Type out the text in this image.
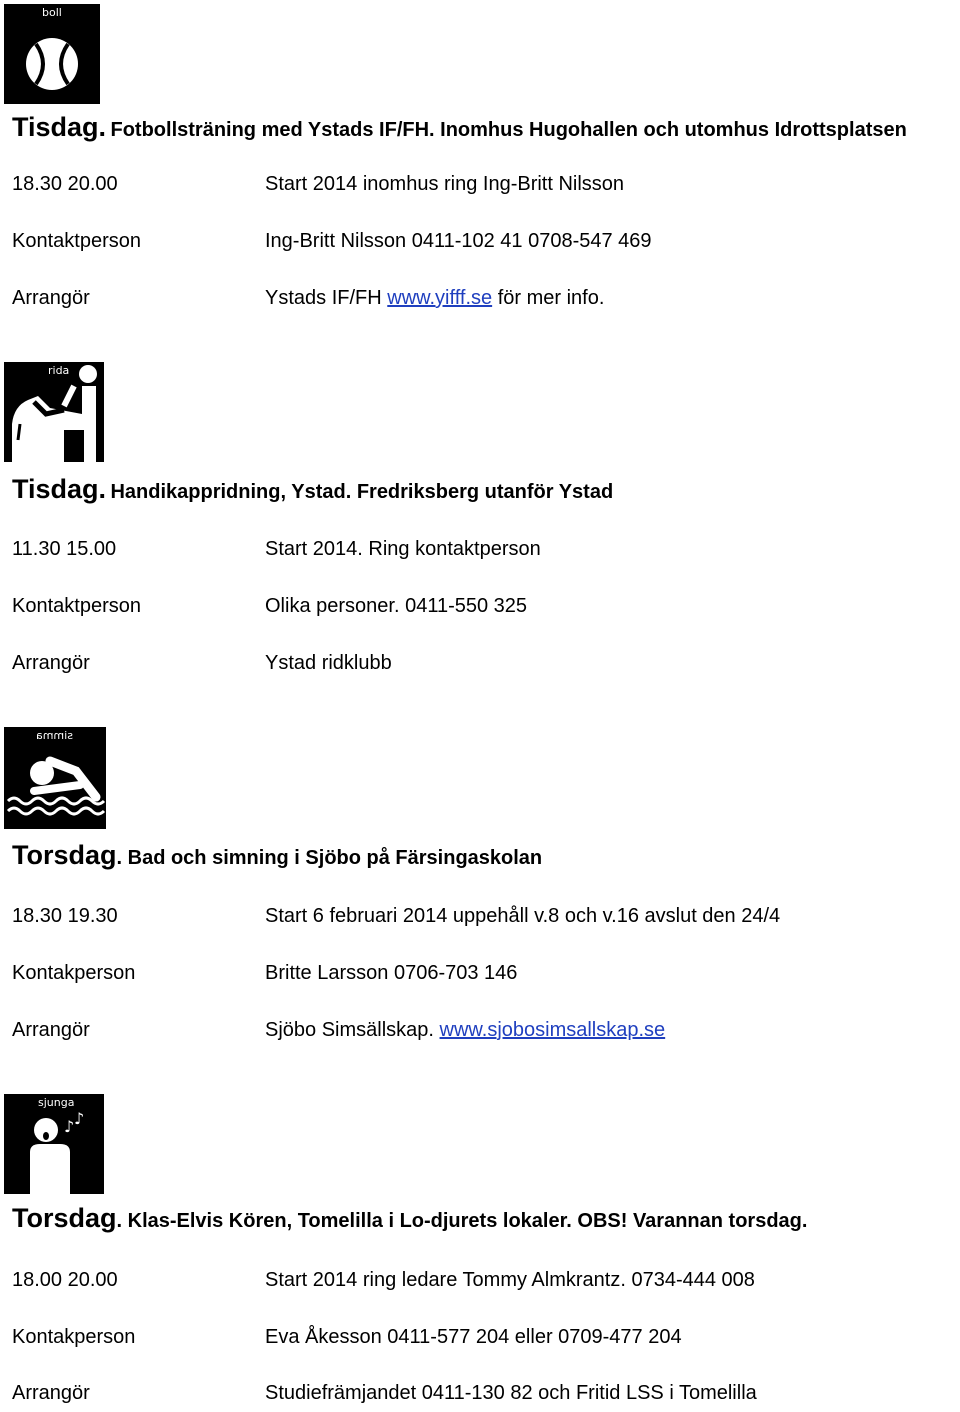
boll
Tisdag. Fotbollsträning med Ystads IF/FH. Inomhus Hugohallen och utomhus Idrottsplatsen
18.30 20.00	Start 2014 inomhus ring Ing-Britt Nilsson
Kontaktperson	Ing-Britt Nilsson 0411-102 41 0708-547 469
Arrangör	Ystads IF/FH www.yifff.se för mer info.
rida
Tisdag. Handikappridning, Ystad. Fredriksberg utanför Ystad
11.30 15.00	Start 2014. Ring kontaktperson
Kontaktperson	Olika personer. 0411-550 325
Arrangör	Ystad ridklubb
simma
Torsdag. Bad och simning i Sjöbo på Färsingaskolan
18.30 19.30	Start 6 februari 2014 uppehåll v.8 och v.16 avslut den 24/4
Kontakperson	Britte Larsson 0706-703 146
Arrangör	Sjöbo Simsällskap. www.sjobosimsallskap.se
sjunga
♪ ♪
Torsdag. Klas-Elvis Kören, Tomelilla i Lo-djurets lokaler. OBS! Varannan torsdag.
18.00 20.00	Start 2014 ring ledare Tommy Almkrantz. 0734-444 008
Kontakperson	Eva Åkesson 0411-577 204 eller 0709-477 204
Arrangör	Studiefrämjandet 0411-130 82 och Fritid LSS i Tomelilla
